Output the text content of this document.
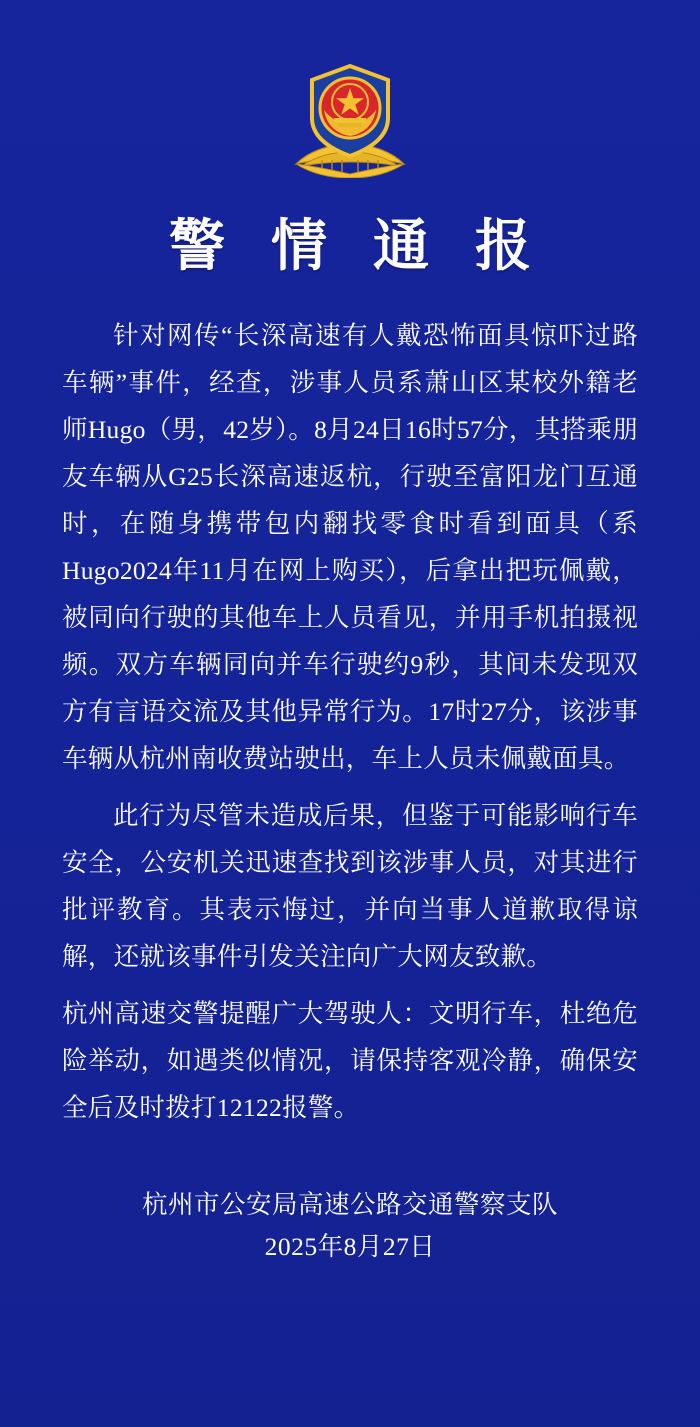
警 情 通 报

针对网传“长深高速有人戴恐怖面具惊吓过路车辆”事件，经查，涉事人员系萧山区某校外籍老师Hugo（男，42岁）。8月24日16时57分，其搭乘朋友车辆从G25长深高速返杭，行驶至富阳龙门互通时，在随身携带包内翻找零食时看到面具（系Hugo2024年11月在网上购买），后拿出把玩佩戴，被同向行驶的其他车上人员看见，并用手机拍摄视频。双方车辆同向并车行驶约9秒，其间未发现双方有言语交流及其他异常行为。17时27分，该涉事车辆从杭州南收费站驶出，车上人员未佩戴面具。

此行为尽管未造成后果，但鉴于可能影响行车安全，公安机关迅速查找到该涉事人员，对其进行批评教育。其表示悔过，并向当事人道歉取得谅解，还就该事件引发关注向广大网友致歉。

杭州高速交警提醒广大驾驶人：文明行车，杜绝危险举动，如遇类似情况，请保持客观冷静，确保安全后及时拨打12122报警。

杭州市公安局高速公路交通警察支队
2025年8月27日
